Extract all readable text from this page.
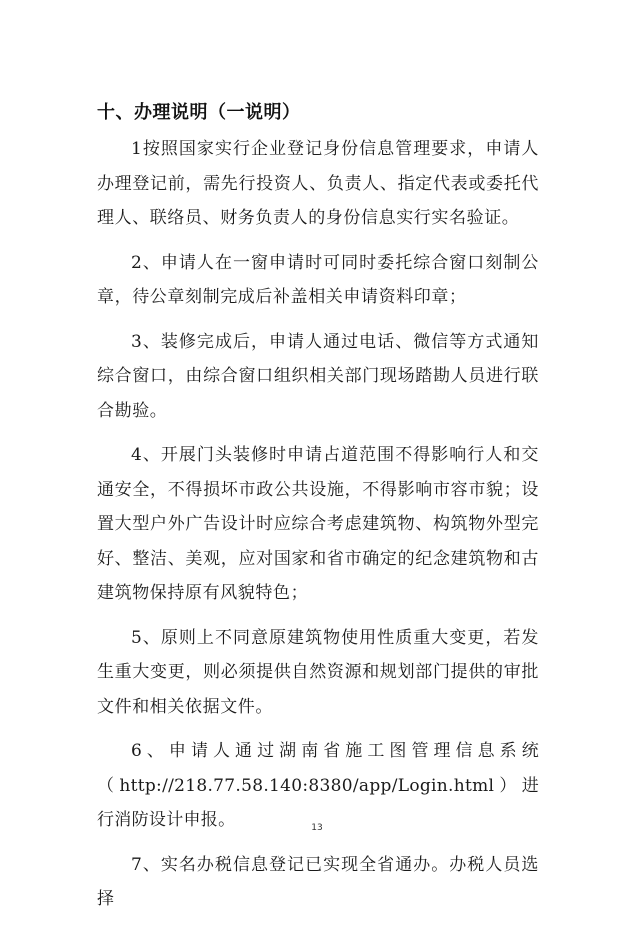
十、办理说明（一说明）

1按照国家实行企业登记身份信息管理要求，申请人办理登记前，需先行投资人、负责人、指定代表或委托代理人、联络员、财务负责人的身份信息实行实名验证。

2、申请人在一窗申请时可同时委托综合窗口刻制公章，待公章刻制完成后补盖相关申请资料印章；

3、装修完成后，申请人通过电话、微信等方式通知综合窗口，由综合窗口组织相关部门现场踏勘人员进行联合勘验。

4、开展门头装修时申请占道范围不得影响行人和交通安全，不得损坏市政公共设施，不得影响市容市貌；设置大型户外广告设计时应综合考虑建筑物、构筑物外型完好、整洁、美观，应对国家和省市确定的纪念建筑物和古建筑物保持原有风貌特色；

5、原则上不同意原建筑物使用性质重大变更，若发生重大变更，则必须提供自然资源和规划部门提供的审批文件和相关依据文件。

6、申请人通过湖南省施工图管理信息系统（http://218.77.58.140:8380/app/Login.html）进行消防设计申报。

7、实名办税信息登记已实现全省通办。办税人员选择

13
